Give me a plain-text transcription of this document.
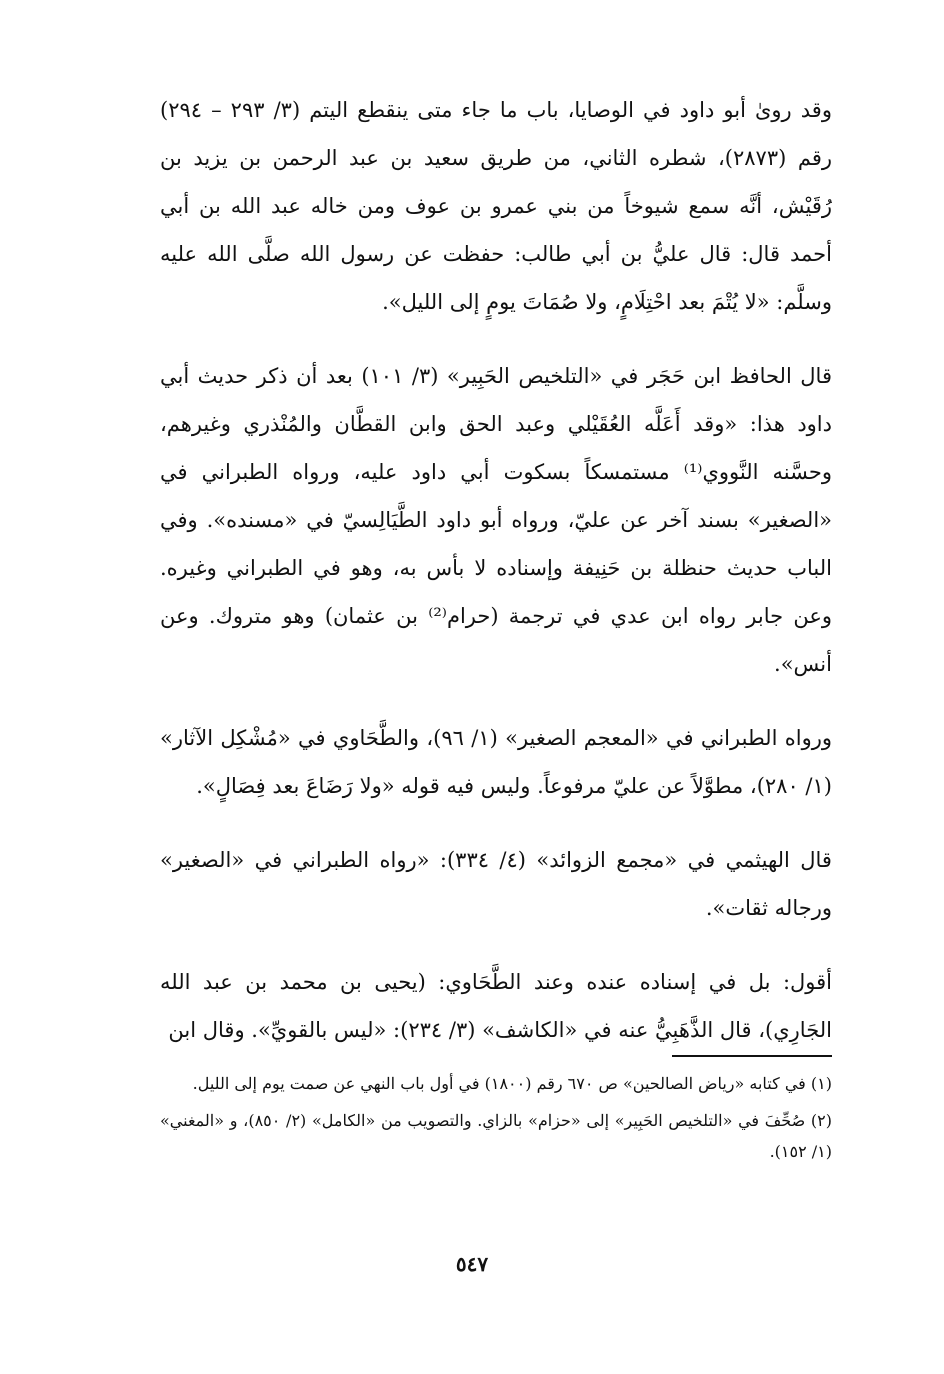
وقد روىٰ أبو داود في الوصايا، باب ما جاء متى ينقطع اليتم (٣/ ٢٩٣ – ٢٩٤) رقم (٢٨٧٣)، شطره الثاني، من طريق سعيد بن عبد الرحمن بن يزيد بن رُقَيْش، أنَّه سمع شيوخاً من بني عمرو بن عوف ومن خاله عبد الله بن أبي أحمد قال: قال عليُّ بن أبي طالب: حفظت عن رسول الله صلَّى الله عليه وسلَّم: «لا يُتْمَ بعد احْتِلَامٍ، ولا صُمَاتَ يومٍ إلى الليل».

قال الحافظ ابن حَجَر في «التلخيص الحَبِير» (٣/ ١٠١) بعد أن ذكر حديث أبي داود هذا: «وقد أَعَلَّه العُقَيْلي وعبد الحق وابن القطَّان والمُنْذري وغيرهم، وحسَّنه النَّووي⁽¹⁾ مستمسكاً بسكوت أبي داود عليه، ورواه الطبراني في «الصغير» بسند آخر عن عليّ، ورواه أبو داود الطَّيَالِسيّ في «مسنده». وفي الباب حديث حنظلة بن حَنِيفة وإسناده لا بأس به، وهو في الطبراني وغيره. وعن جابر رواه ابن عدي في ترجمة (حرام⁽²⁾ بن عثمان) وهو متروك. وعن أنس».

ورواه الطبراني في «المعجم الصغير» (١/ ٩٦)، والطَّحَاوي في «مُشْكِل الآثار» (١/ ٢٨٠)، مطوَّلاً عن عليّ مرفوعاً. وليس فيه قوله «ولا رَضَاعَ بعد فِصَالٍ».

قال الهيثمي في «مجمع الزوائد» (٤/ ٣٣٤): «رواه الطبراني في «الصغير» ورجاله ثقات».

أقول: بل في إسناده عنده وعند الطَّحَاوي: (يحيى بن محمد بن عبد الله الجَارِي)، قال الذَّهَبِيُّ عنه في «الكاشف» (٣/ ٢٣٤): «ليس بالقويِّ». وقال ابن

(١) في كتابه «رياض الصالحين» ص ٦٧٠ رقم (١٨٠٠) في أول باب النهي عن صمت يوم إلى الليل.

(٢) صُحِّفَ في «التلخيص الحَبِير» إلى «حزام» بالزاي. والتصويب من «الكامل» (٢/ ٨٥٠)، و «المغني» (١/ ١٥٢).

٥٤٧
